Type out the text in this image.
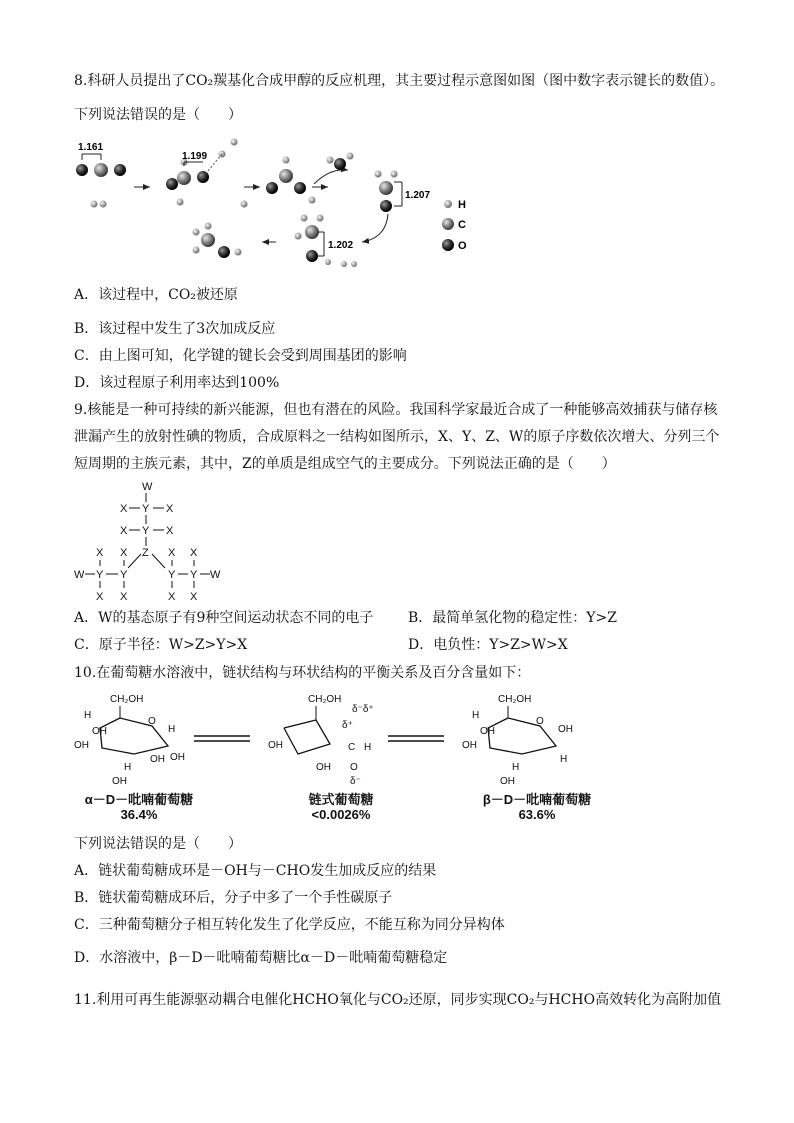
8.科研人员提出了CO₂羰基化合成甲醇的反应机理，其主要过程示意图如图（图中数字表示键长的数值）。
下列说法错误的是（　　）
1.161
1.199
1.207
H
C
O
1.202
A．该过程中，CO₂被还原
B．该过程中发生了3次加成反应
C．由上图可知，化学键的键长会受到周围基团的影响
D．该过程原子利用率达到100%
9.核能是一种可持续的新兴能源，但也有潜在的风险。我国科学家最近合成了一种能够高效捕获与储存核
泄漏产生的放射性碘的物质，合成原料之一结构如图所示，X、Y、Z、W的原子序数依次增大、分列三个
短周期的主族元素，其中，Z的单质是组成空气的主要成分。下列说法正确的是（　　）
W
X Y X
X Y X
Z
X X	X X
W Y Y	Y Y W
X X	X X
A．W的基态原子有9种空间运动状态不同的电子 B．最简单氢化物的稳定性：Y>Z
C．原子半径：W>Z>Y>X	D．电负性：Y>Z>W>X
10.在葡萄糖水溶液中，链状结构与环状结构的平衡关系及百分含量如下：
CH₂OH
O
H
OH
OH
H
OH
OH
H
OH
CH₂OH
δ⁻δ⁺
δ⁺
C H
O
δ⁻
OH
OH
CH₂OH
O
H
OH
OH
H
OH
OH
H
α－D－吡喃葡萄糖
36.4%
链式葡萄糖
<0.0026%
β－D－吡喃葡萄糖
63.6%
下列说法错误的是（　　）
A．链状葡萄糖成环是－OH与－CHO发生加成反应的结果
B．链状葡萄糖成环后，分子中多了一个手性碳原子
C．三种葡萄糖分子相互转化发生了化学反应，不能互称为同分异构体
D．水溶液中，β－D－吡喃葡萄糖比α－D－吡喃葡萄糖稳定
11.利用可再生能源驱动耦合电催化HCHO氧化与CO₂还原，同步实现CO₂与HCHO高效转化为高附加值
